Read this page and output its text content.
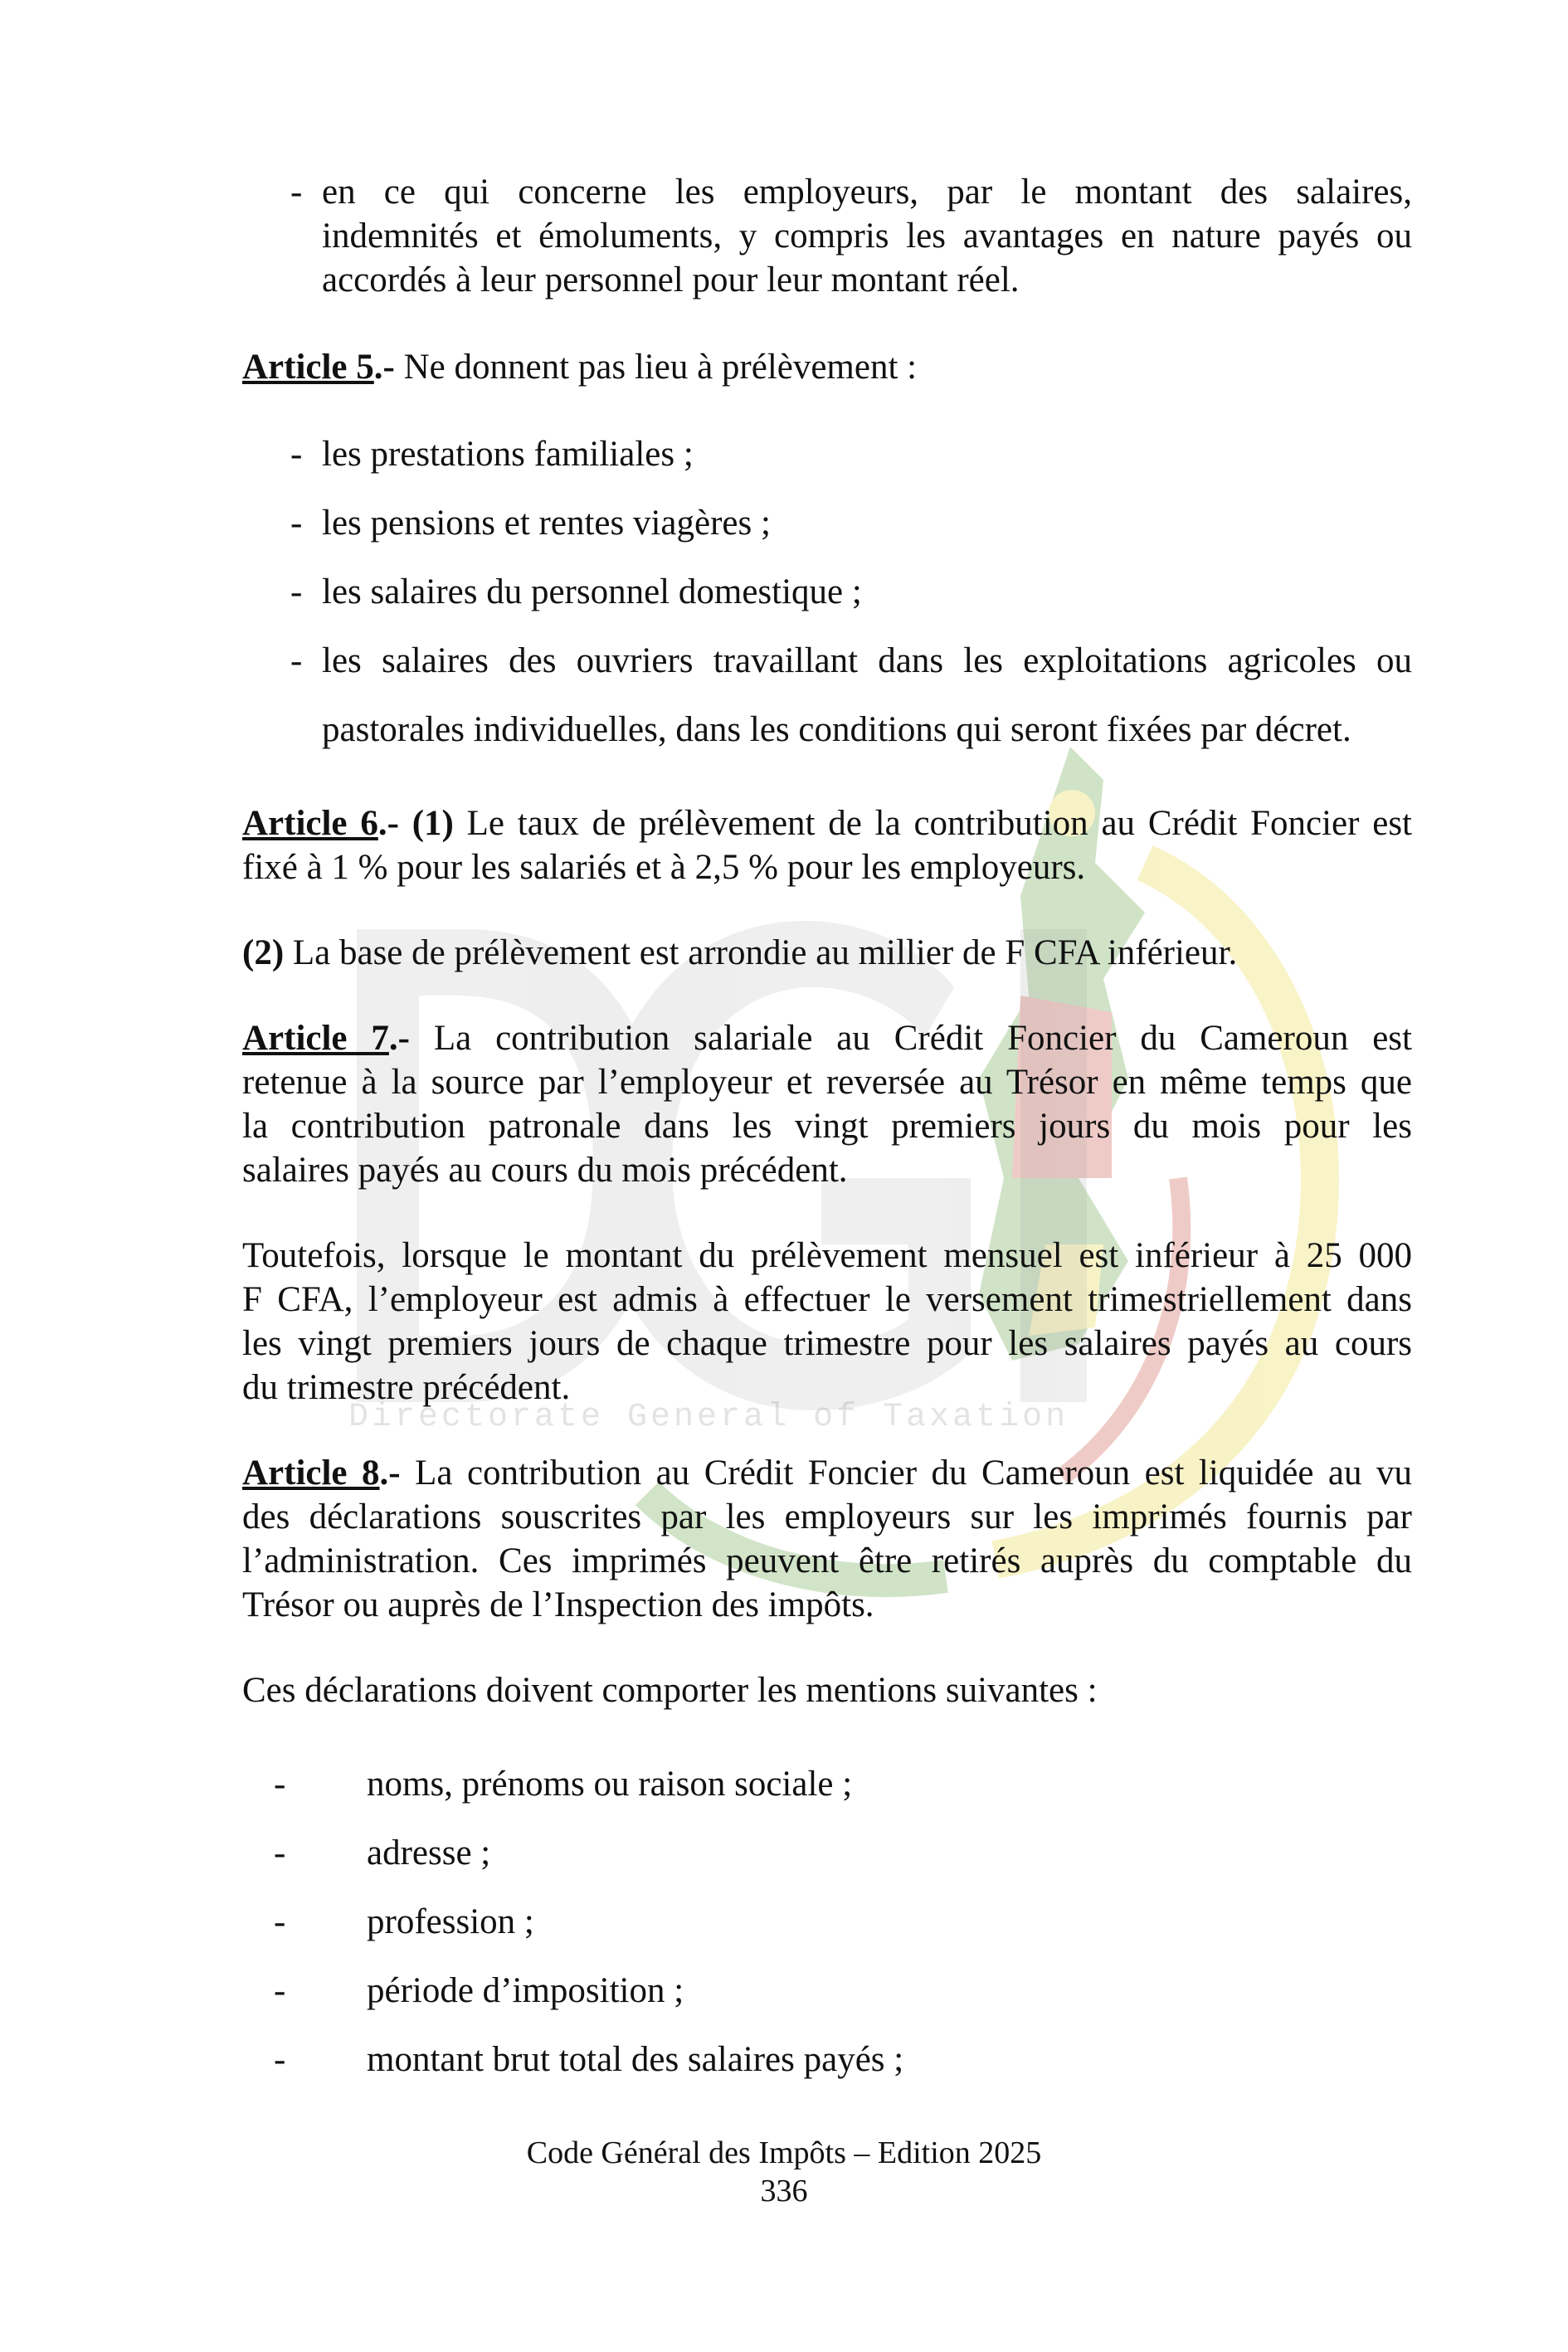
Directorate General of Taxation
- en ce qui concerne les employeurs, par le montant des salaires,

indemnités et émoluments, y compris les avantages en nature payés ou

accordés à leur personnel pour leur montant réel.

Article 5.- Ne donnent pas lieu à prélèvement :

- les prestations familiales ;
- les pensions et rentes viagères ;
- les salaires du personnel domestique ;
- les salaires des ouvriers travaillant dans les exploitations agricoles ou

pastorales individuelles, dans les conditions qui seront fixées par décret.

Article 6.- (1) Le taux de prélèvement de la contribution au Crédit Foncier est

fixé à 1 % pour les salariés et à 2,5 % pour les employeurs.

(2) La base de prélèvement est arrondie au millier de F CFA inférieur.

Article 7.- La contribution salariale au Crédit Foncier du Cameroun est

retenue à la source par l’employeur et reversée au Trésor en même temps que

la contribution patronale dans les vingt premiers jours du mois pour les

salaires payés au cours du mois précédent.

Toutefois, lorsque le montant du prélèvement mensuel est inférieur à 25 000

F CFA, l’employeur est admis à effectuer le versement trimestriellement dans

les vingt premiers jours de chaque trimestre pour les salaires payés au cours

du trimestre précédent.

Article 8.- La contribution au Crédit Foncier du Cameroun est liquidée au vu

des déclarations souscrites par les employeurs sur les imprimés fournis par

l’administration. Ces imprimés peuvent être retirés auprès du comptable du

Trésor ou auprès de l’Inspection des impôts.

Ces déclarations doivent comporter les mentions suivantes :

- noms, prénoms ou raison sociale ;
- adresse ;
- profession ;
- période d’imposition ;
- montant brut total des salaires payés ;
Code Général des Impôts – Edition 2025
336
